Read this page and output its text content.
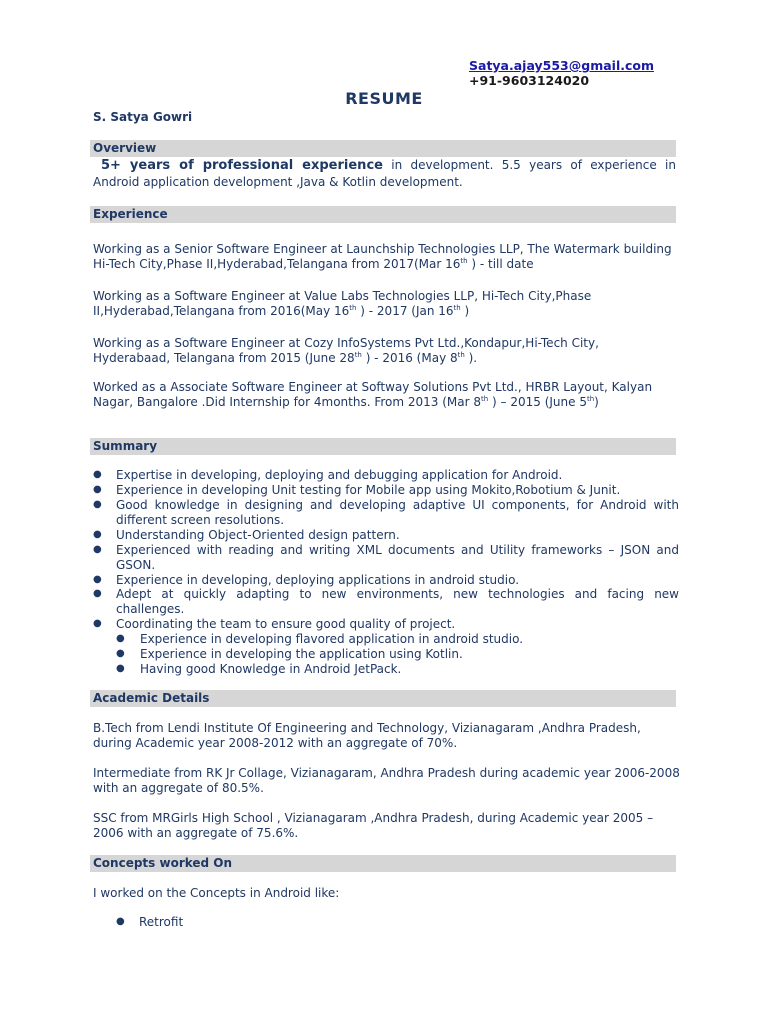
Satya.ajay553@gmail.com
+91-9603124020
RESUME
S. Satya Gowri
Overview
5+ years of professional experience in development. 5.5 years of experience in Android application development ,Java & Kotlin development.
Experience
Working as a Senior Software Engineer at Launchship Technologies LLP, The Watermark building Hi-Tech City,Phase II,Hyderabad,Telangana from 2017(Mar 16th ) - till date
Working as a Software Engineer at Value Labs Technologies LLP, Hi-Tech City,Phase II,Hyderabad,Telangana from 2016(May 16th ) - 2017 (Jan 16th )
Working as a Software Engineer at Cozy InfoSystems Pvt Ltd.,Kondapur,Hi-Tech City, Hyderabaad, Telangana from 2015 (June 28th ) - 2016 (May 8th ).
Worked as a Associate Software Engineer at Softway Solutions Pvt Ltd., HRBR Layout, Kalyan Nagar, Bangalore .Did Internship for 4months. From 2013 (Mar 8th ) – 2015 (June 5th)
Summary
● Expertise in developing, deploying and debugging application for Android.
● Experience in developing Unit testing for Mobile app using Mokito,Robotium & Junit.
● Good knowledge in designing and developing adaptive UI components, for Android with different screen resolutions.
● Understanding Object-Oriented design pattern.
● Experienced with reading and writing XML documents and Utility frameworks – JSON and GSON.
● Experience in developing, deploying applications in android studio.
● Adept at quickly adapting to new environments, new technologies and facing new challenges.
● Coordinating the team to ensure good quality of project.
● Experience in developing flavored application in android studio.
● Experience in developing the application using Kotlin.
● Having good Knowledge in Android JetPack.
Academic Details
B.Tech from Lendi Institute Of Engineering and Technology, Vizianagaram ,Andhra Pradesh, during Academic year 2008-2012 with an aggregate of 70%.
Intermediate from RK Jr Collage, Vizianagaram, Andhra Pradesh during academic year 2006-2008 with an aggregate of 80.5%.
SSC from MRGirls High School , Vizianagaram ,Andhra Pradesh, during Academic year 2005 – 2006 with an aggregate of 75.6%.
Concepts worked On
I worked on the Concepts in Android like:
● Retrofit
